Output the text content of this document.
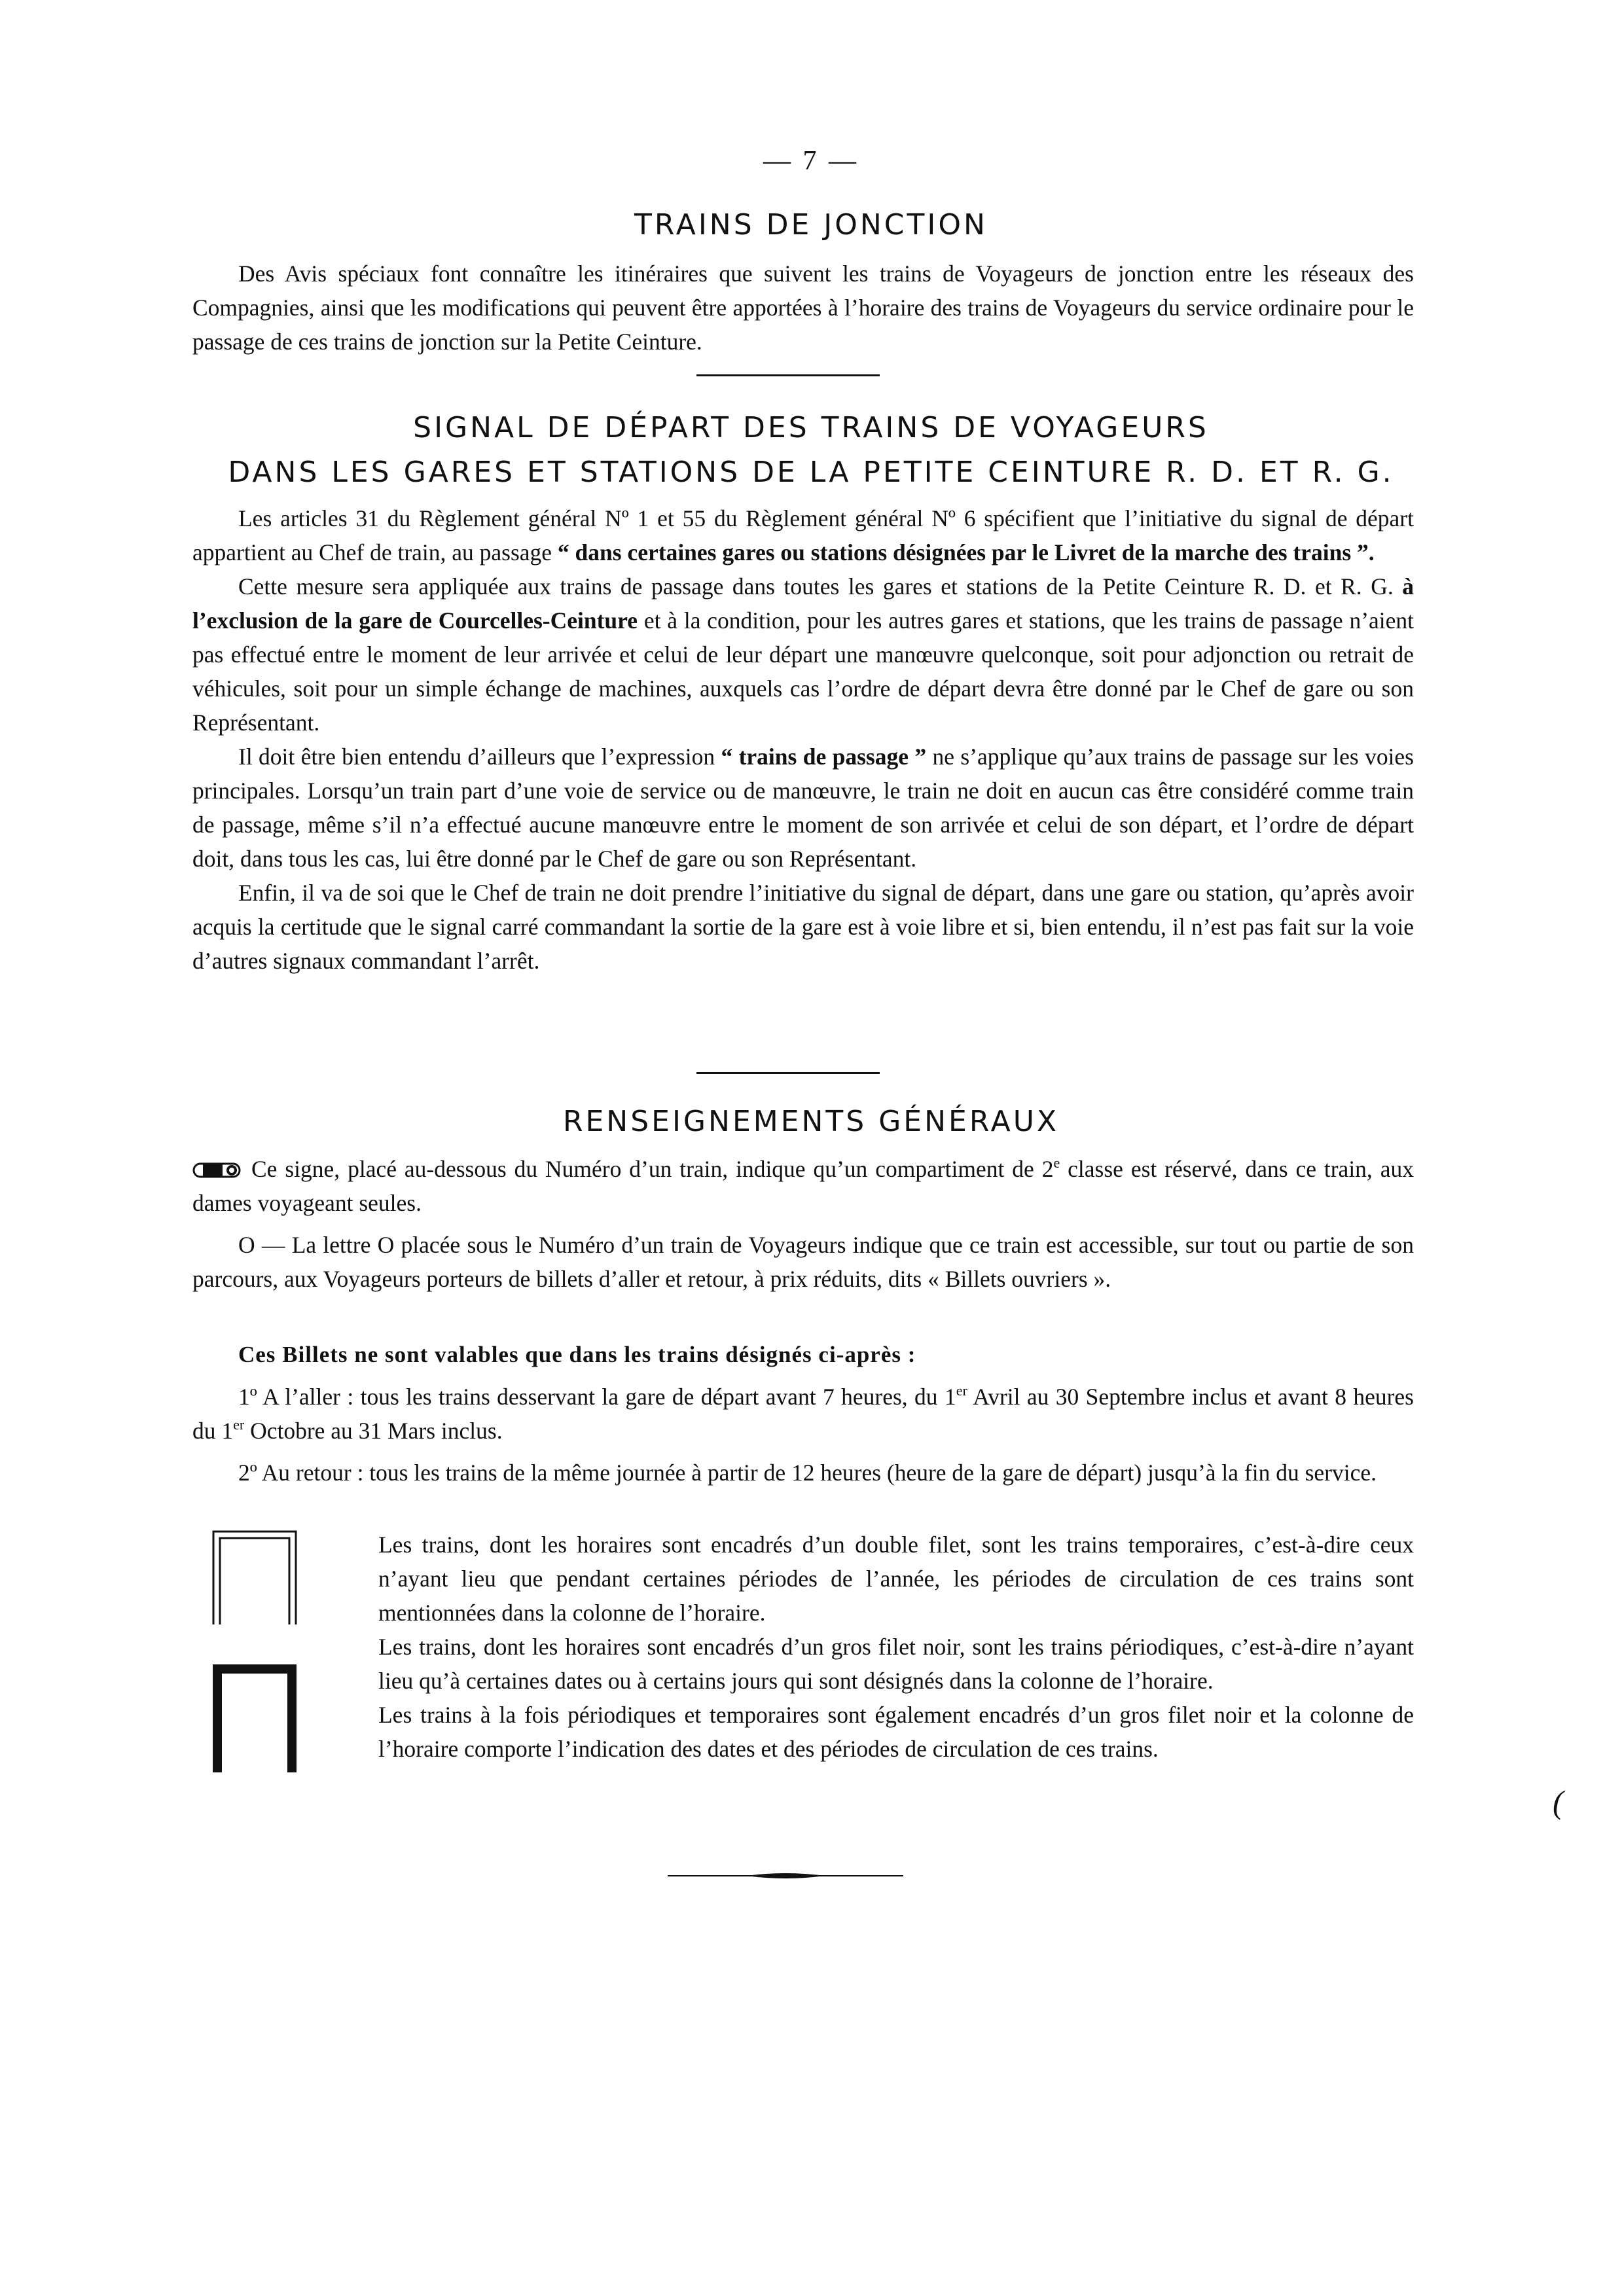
— 7 —
TRAINS DE JONCTION

Des Avis spéciaux font connaître les itinéraires que suivent les trains de Voyageurs de jonction entre les réseaux des Compagnies, ainsi que les modifications qui peuvent être apportées à l’horaire des trains de Voyageurs du service ordinaire pour le passage de ces trains de jonction sur la Petite Ceinture.

SIGNAL DE DÉPART DES TRAINS DE VOYAGEURS
DANS LES GARES ET STATIONS DE LA PETITE CEINTURE R. D. ET R. G.

Les articles 31 du Règlement général Nº 1 et 55 du Règlement général Nº 6 spécifient que l’initiative du signal de départ appartient au Chef de train, au passage “ dans certaines gares ou stations désignées par le Livret de la marche des trains ”.

Cette mesure sera appliquée aux trains de passage dans toutes les gares et stations de la Petite Ceinture R. D. et R. G. à l’exclusion de la gare de Courcelles-Ceinture et à la condition, pour les autres gares et stations, que les trains de passage n’aient pas effectué entre le moment de leur arrivée et celui de leur départ une manœuvre quelconque, soit pour adjonction ou retrait de véhicules, soit pour un simple échange de machines, auxquels cas l’ordre de départ devra être donné par le Chef de gare ou son Représentant.

Il doit être bien entendu d’ailleurs que l’expression “ trains de passage ” ne s’applique qu’aux trains de passage sur les voies principales. Lorsqu’un train part d’une voie de service ou de manœuvre, le train ne doit en aucun cas être considéré comme train de passage, même s’il n’a effectué aucune manœuvre entre le moment de son arrivée et celui de son départ, et l’ordre de départ doit, dans tous les cas, lui être donné par le Chef de gare ou son Représentant.

Enfin, il va de soi que le Chef de train ne doit prendre l’initiative du signal de départ, dans une gare ou station, qu’après avoir acquis la certitude que le signal carré commandant la sortie de la gare est à voie libre et si, bien entendu, il n’est pas fait sur la voie d’autres signaux commandant l’arrêt.

RENSEIGNEMENTS GÉNÉRAUX

Ce signe, placé au-dessous du Numéro d’un train, indique qu’un compartiment de 2e classe est réservé, dans ce train, aux dames voyageant seules.

O — La lettre O placée sous le Numéro d’un train de Voyageurs indique que ce train est accessible, sur tout ou partie de son parcours, aux Voyageurs porteurs de billets d’aller et retour, à prix réduits, dits « Billets ouvriers ».

Ces Billets ne sont valables que dans les trains désignés ci-après :

1º A l’aller : tous les trains desservant la gare de départ avant 7 heures, du 1er Avril au 30 Septembre inclus et avant 8 heures du 1er Octobre au 31 Mars inclus.

2º Au retour : tous les trains de la même journée à partir de 12 heures (heure de la gare de départ) jusqu’à la fin du service.

Les trains, dont les horaires sont encadrés d’un double filet, sont les trains temporaires, c’est-à-dire ceux n’ayant lieu que pendant certaines périodes de l’année, les périodes de circulation de ces trains sont mentionnées dans la colonne de l’horaire.

Les trains, dont les horaires sont encadrés d’un gros filet noir, sont les trains périodiques, c’est-à-dire n’ayant lieu qu’à certaines dates ou à certains jours qui sont désignés dans la colonne de l’horaire.

Les trains à la fois périodiques et temporaires sont également encadrés d’un gros filet noir et la colonne de l’horaire comporte l’indication des dates et des périodes de circulation de ces trains.

(
